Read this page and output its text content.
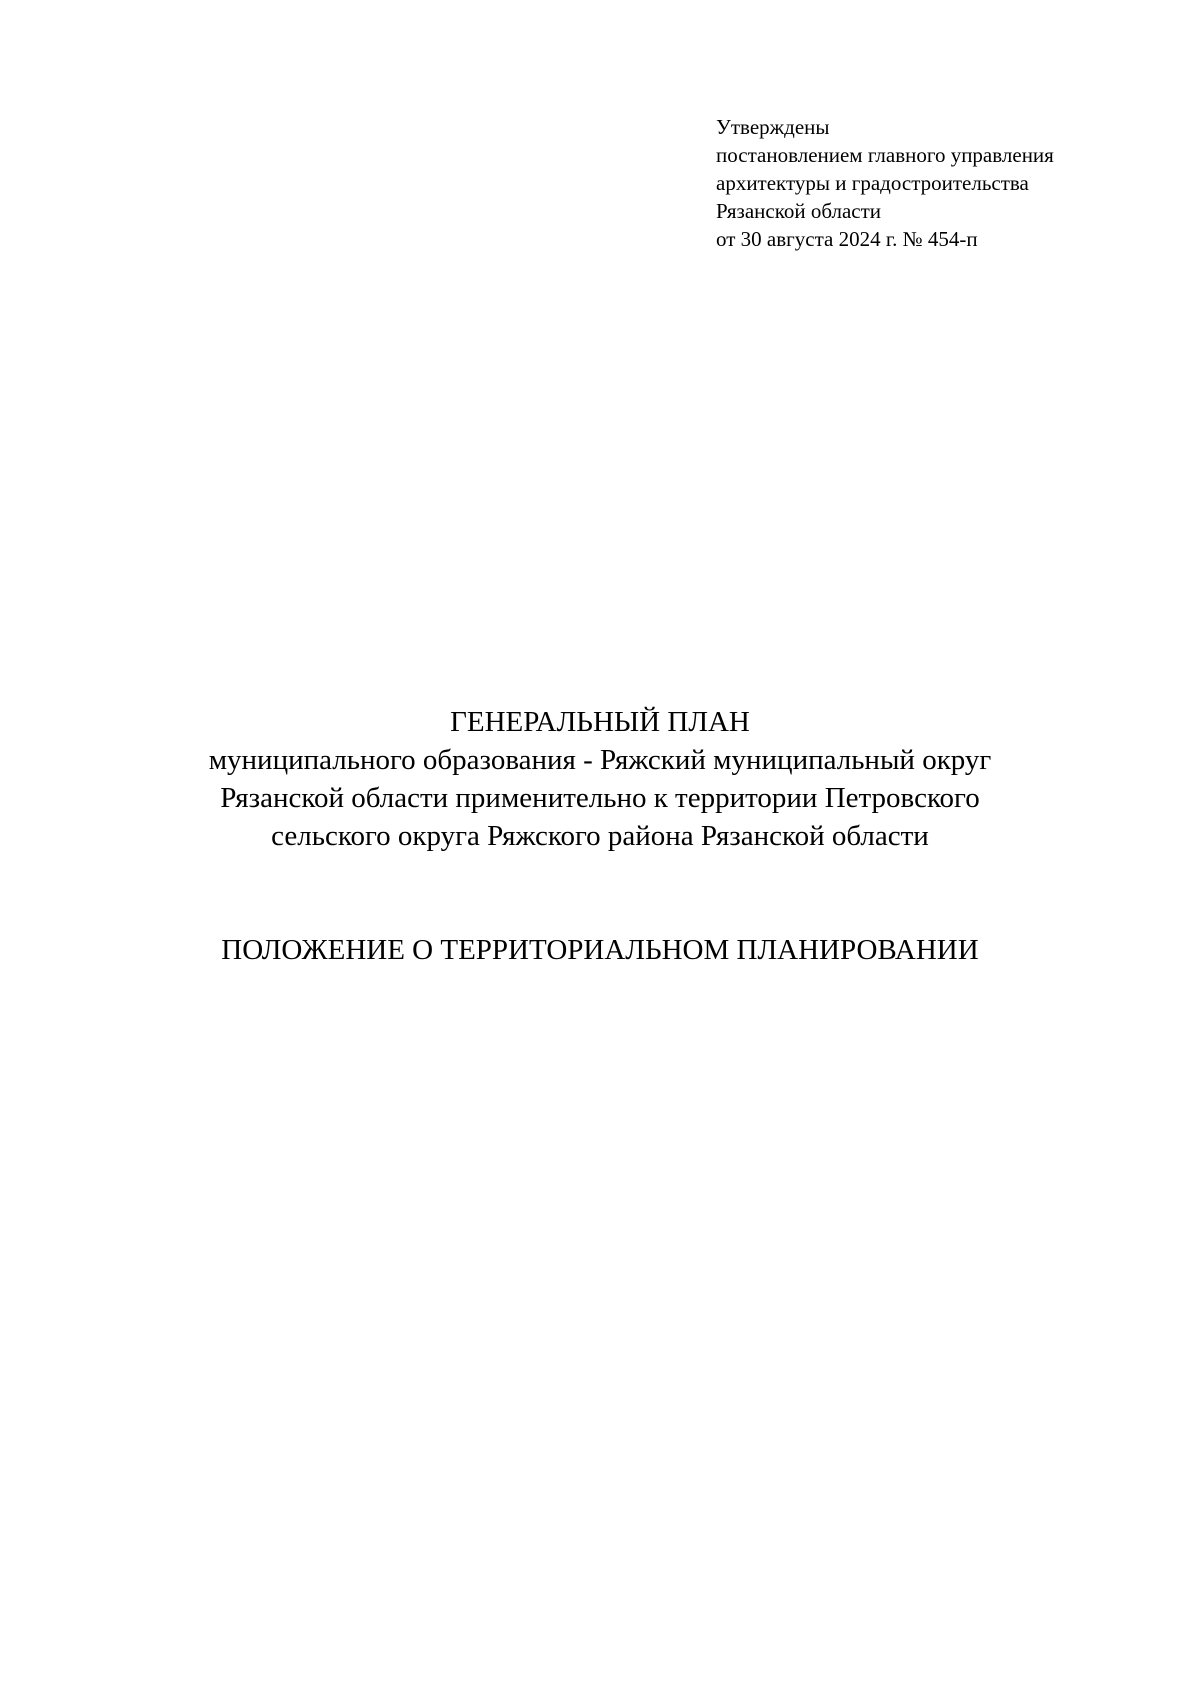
Утверждены
постановлением главного управления
архитектуры и градостроительства
Рязанской области
от 30 августа 2024 г. № 454-п
ГЕНЕРАЛЬНЫЙ ПЛАН
муниципального образования - Ряжский муниципальный округ
Рязанской области применительно к территории Петровского
сельского округа Ряжского района Рязанской области
ПОЛОЖЕНИЕ О ТЕРРИТОРИАЛЬНОМ ПЛАНИРОВАНИИ
